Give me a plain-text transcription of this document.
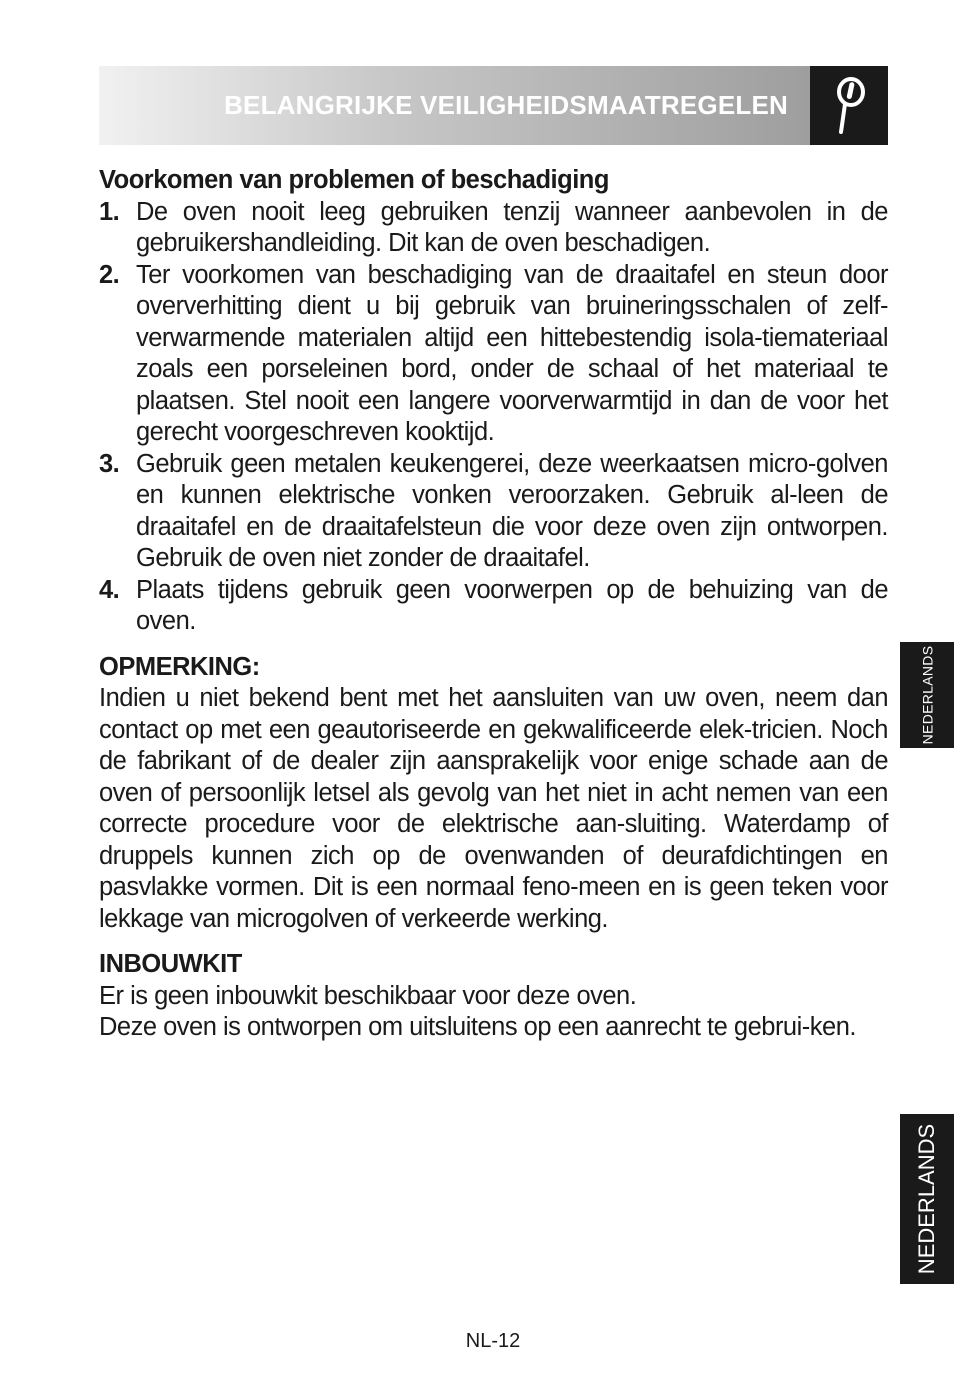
BELANGRIJKE VEILIGHEIDSMAATREGELEN
Voorkomen van problemen of beschadiging
1. De oven nooit leeg gebruiken tenzij wanneer aanbevolen in de gebruikershandleiding. Dit kan de oven beschadigen.
2. Ter voorkomen van beschadiging van de draaitafel en steun door oververhitting dient u bij gebruik van bruineringsschalen of zelf-verwarmende materialen altijd een hittebestendig isola-tiemateriaal zoals een porseleinen bord, onder de schaal of het materiaal te plaatsen. Stel nooit een langere voorverwarmtijd in dan de voor het gerecht voorgeschreven kooktijd.
3. Gebruik geen metalen keukengerei, deze weerkaatsen micro-golven en kunnen elektrische vonken veroorzaken. Gebruik al-leen de draaitafel en de draaitafelsteun die voor deze oven zijn ontworpen. Gebruik de oven niet zonder de draaitafel.
4. Plaats tijdens gebruik geen voorwerpen op de behuizing van de oven.
OPMERKING:

Indien u niet bekend bent met het aansluiten van uw oven, neem dan contact op met een geautoriseerde en gekwalificeerde elek-tricien. Noch de fabrikant of de dealer zijn aansprakelijk voor enige schade aan de oven of persoonlijk letsel als gevolg van het niet in acht nemen van een correcte procedure voor de elektrische aan-sluiting. Waterdamp of druppels kunnen zich op de ovenwanden of deurafdichtingen en pasvlakke vormen. Dit is een normaal feno-meen en is geen teken voor lekkage van microgolven of verkeerde werking.

INBOUWKIT

Er is geen inbouwkit beschikbaar voor deze oven.

Deze oven is ontworpen om uitsluitens op een aanrecht te gebrui-ken.

NEDERLANDS
NEDERLANDS
NL-12
